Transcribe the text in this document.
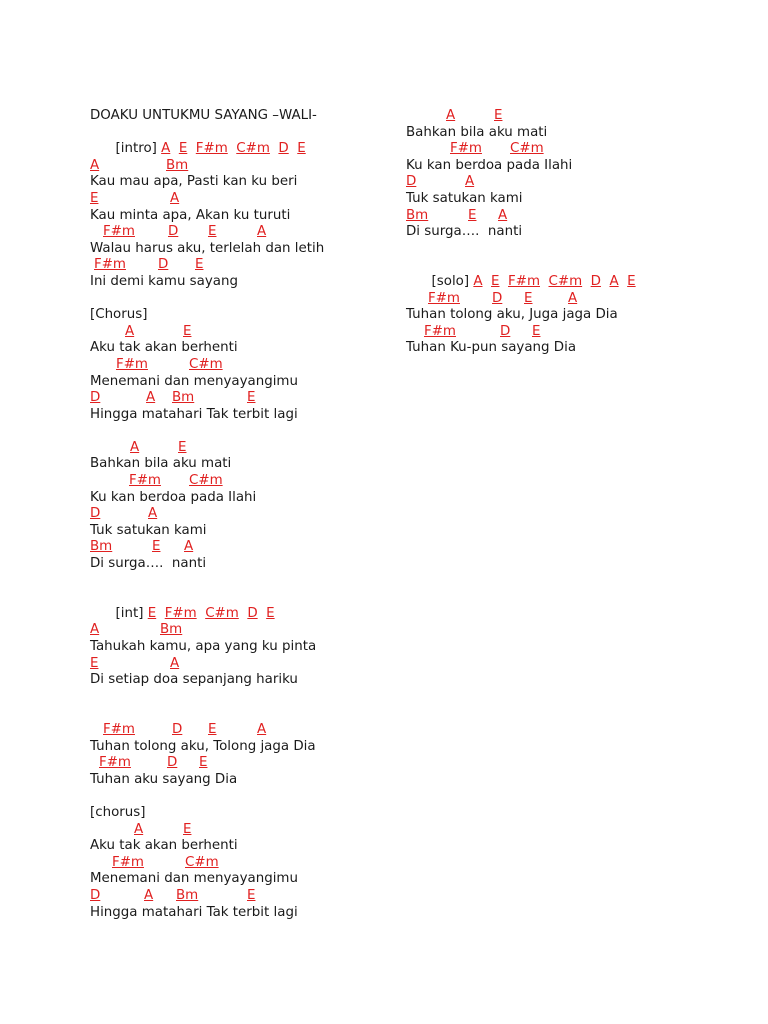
DOAKU UNTUKMU SAYANG –WALI-

[intro] A E F#m C#m D E

A	Bm
Kau mau apa, Pasti kan ku beri
E	A
Kau minta apa, Akan ku turuti
F#m D E	A
Walau harus aku, terlelah dan letih
F#m D E
Ini demi kamu sayang
[Chorus]
A	E
Aku tak akan berhenti
F#m	C#m
Menemani dan menyayangimu
D	A Bm	E
Hingga matahari Tak terbit lagi
A	E
Bahkan bila aku mati
F#m C#m
Ku kan berdoa pada Ilahi
D	A
Tuk satukan kami
Bm	E A
Di surga….  nanti

[int] E F#m C#m D E

A	Bm
Tahukah kamu, apa yang ku pinta
E	A
Di setiap doa sepanjang hariku
F#m	D E	A
Tuhan tolong aku, Tolong jaga Dia
F#m	D E
Tuhan aku sayang Dia
[chorus]
A	E
Aku tak akan berhenti
F#m	C#m
Menemani dan menyayangimu
D	A Bm	E
Hingga matahari Tak terbit lagi
A	E
Bahkan bila aku mati
F#m C#m
Ku kan berdoa pada Ilahi
D	A
Tuk satukan kami
Bm	E A
Di surga….  nanti

[solo] A E F#m C#m D A E

F#m D E	A
Tuhan tolong aku, Juga jaga Dia
F#m	D E
Tuhan Ku-pun sayang Dia
